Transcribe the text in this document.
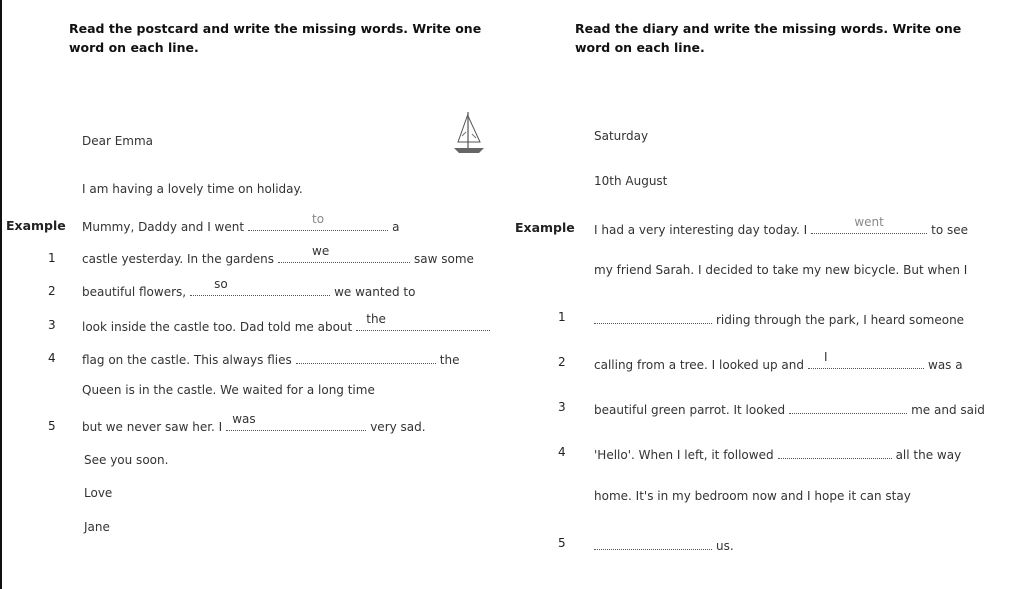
Read the postcard and write the missing words. Write one word on each line.
Dear Emma
I am having a lovely time on holiday.
Example Mummy, Daddy and I went
to
a
1 castle yesterday. In the gardens
we
saw some
2 beautiful flowers,
so
we wanted to
3 look inside the castle too. Dad told me about
the
4 flag on the castle. This always flies	the
Queen is in the castle. We waited for a long time
5 but we never saw her. I
was
very sad.
See you soon.
Love
Jane
Read the diary and write the missing words. Write one word on each line.
Saturday
10th August
Example I had a very interesting day today. I
went
to see
my friend Sarah. I decided to take my new bicycle. But when I
1	riding through the park, I heard someone
2 calling from a tree. I looked up and
I
was a
3 beautiful green parrot. It looked	me and said
4 'Hello'. When I left, it followed	all the way
home. It's in my bedroom now and I hope it can stay
5	us.
